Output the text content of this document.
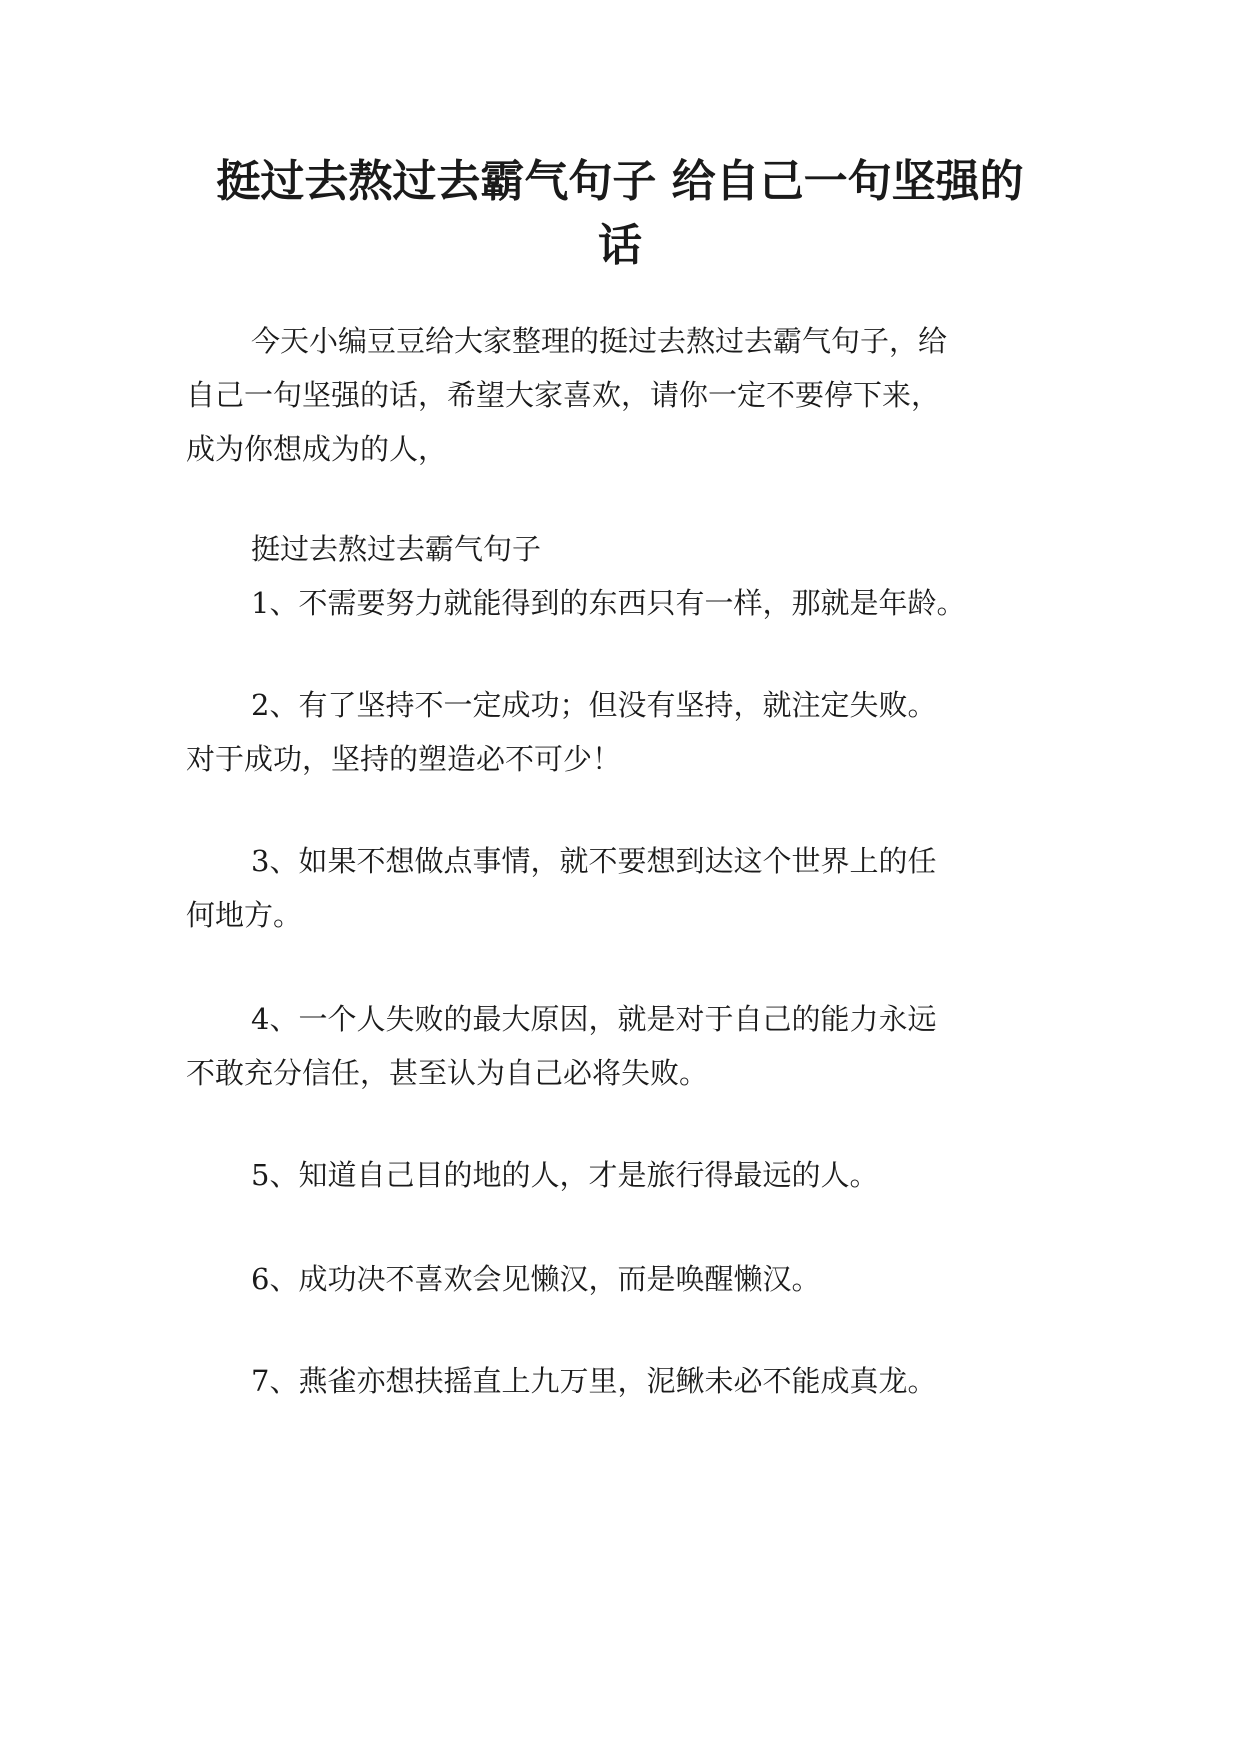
挺过去熬过去霸气句子 给自己一句坚强的
话

今天小编豆豆给大家整理的挺过去熬过去霸气句子，给

自己一句坚强的话，希望大家喜欢，请你一定不要停下来，

成为你想成为的人，

挺过去熬过去霸气句子

1、不需要努力就能得到的东西只有一样，那就是年龄。

2、有了坚持不一定成功；但没有坚持，就注定失败。

对于成功，坚持的塑造必不可少！

3、如果不想做点事情，就不要想到达这个世界上的任

何地方。

4、一个人失败的最大原因，就是对于自己的能力永远

不敢充分信任，甚至认为自己必将失败。

5、知道自己目的地的人，才是旅行得最远的人。

6、成功决不喜欢会见懒汉，而是唤醒懒汉。

7、燕雀亦想扶摇直上九万里，泥鳅未必不能成真龙。
